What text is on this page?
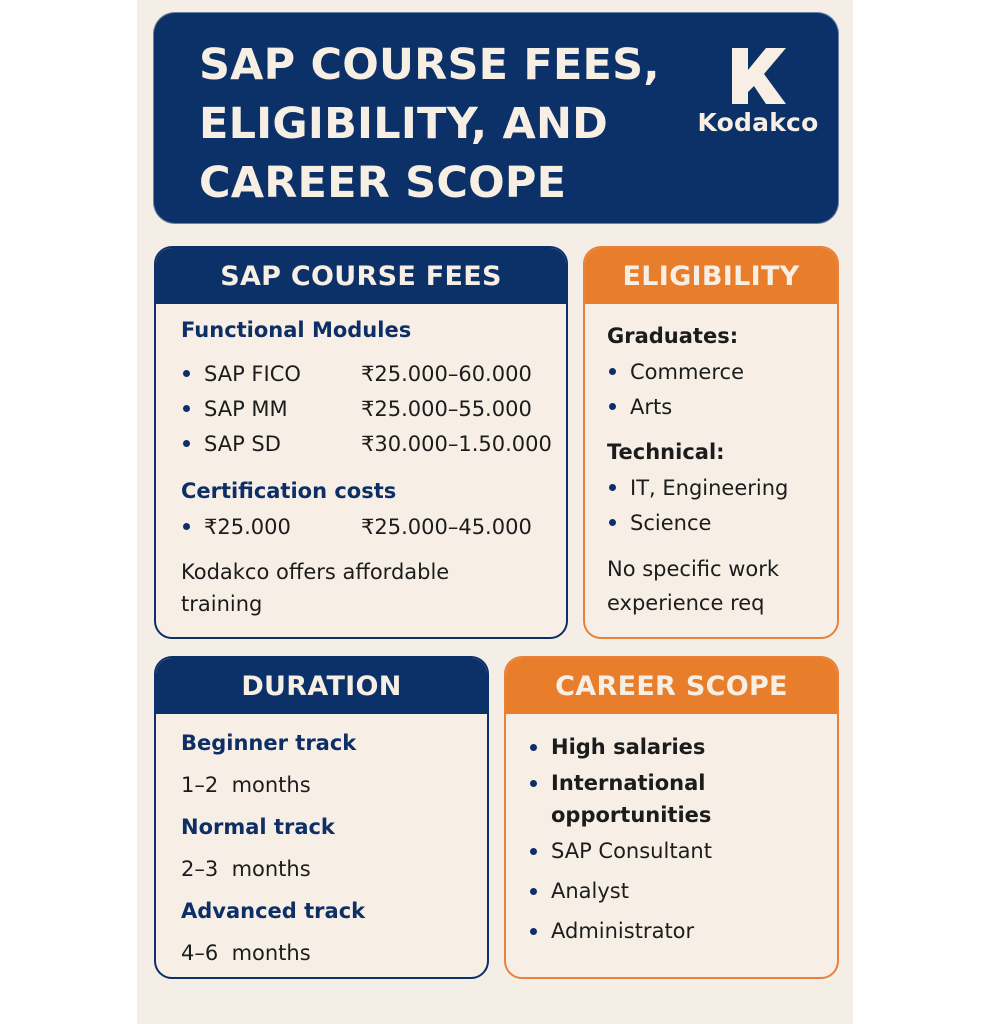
SAP COURSE FEES,
ELIGIBILITY, AND
CAREER SCOPE
Kodakco
SAP COURSE FEES
Functional Modules
SAP FICO	₹25.000–60.000
SAP MM	₹25.000–55.000
SAP SD	₹30.000–1.50.000
Certification costs
₹25.000	₹25.000–45.000
Kodakco offers affordable
training
ELIGIBILITY
Graduates:
Commerce
Arts
Technical:
IT, Engineering
Science
No specific work
experience req
DURATION
Beginner track
1–2  months
Normal track
2–3  months
Advanced track
4–6  months
CAREER SCOPE
High salaries
International
opportunities
SAP Consultant
Analyst
Administrator
